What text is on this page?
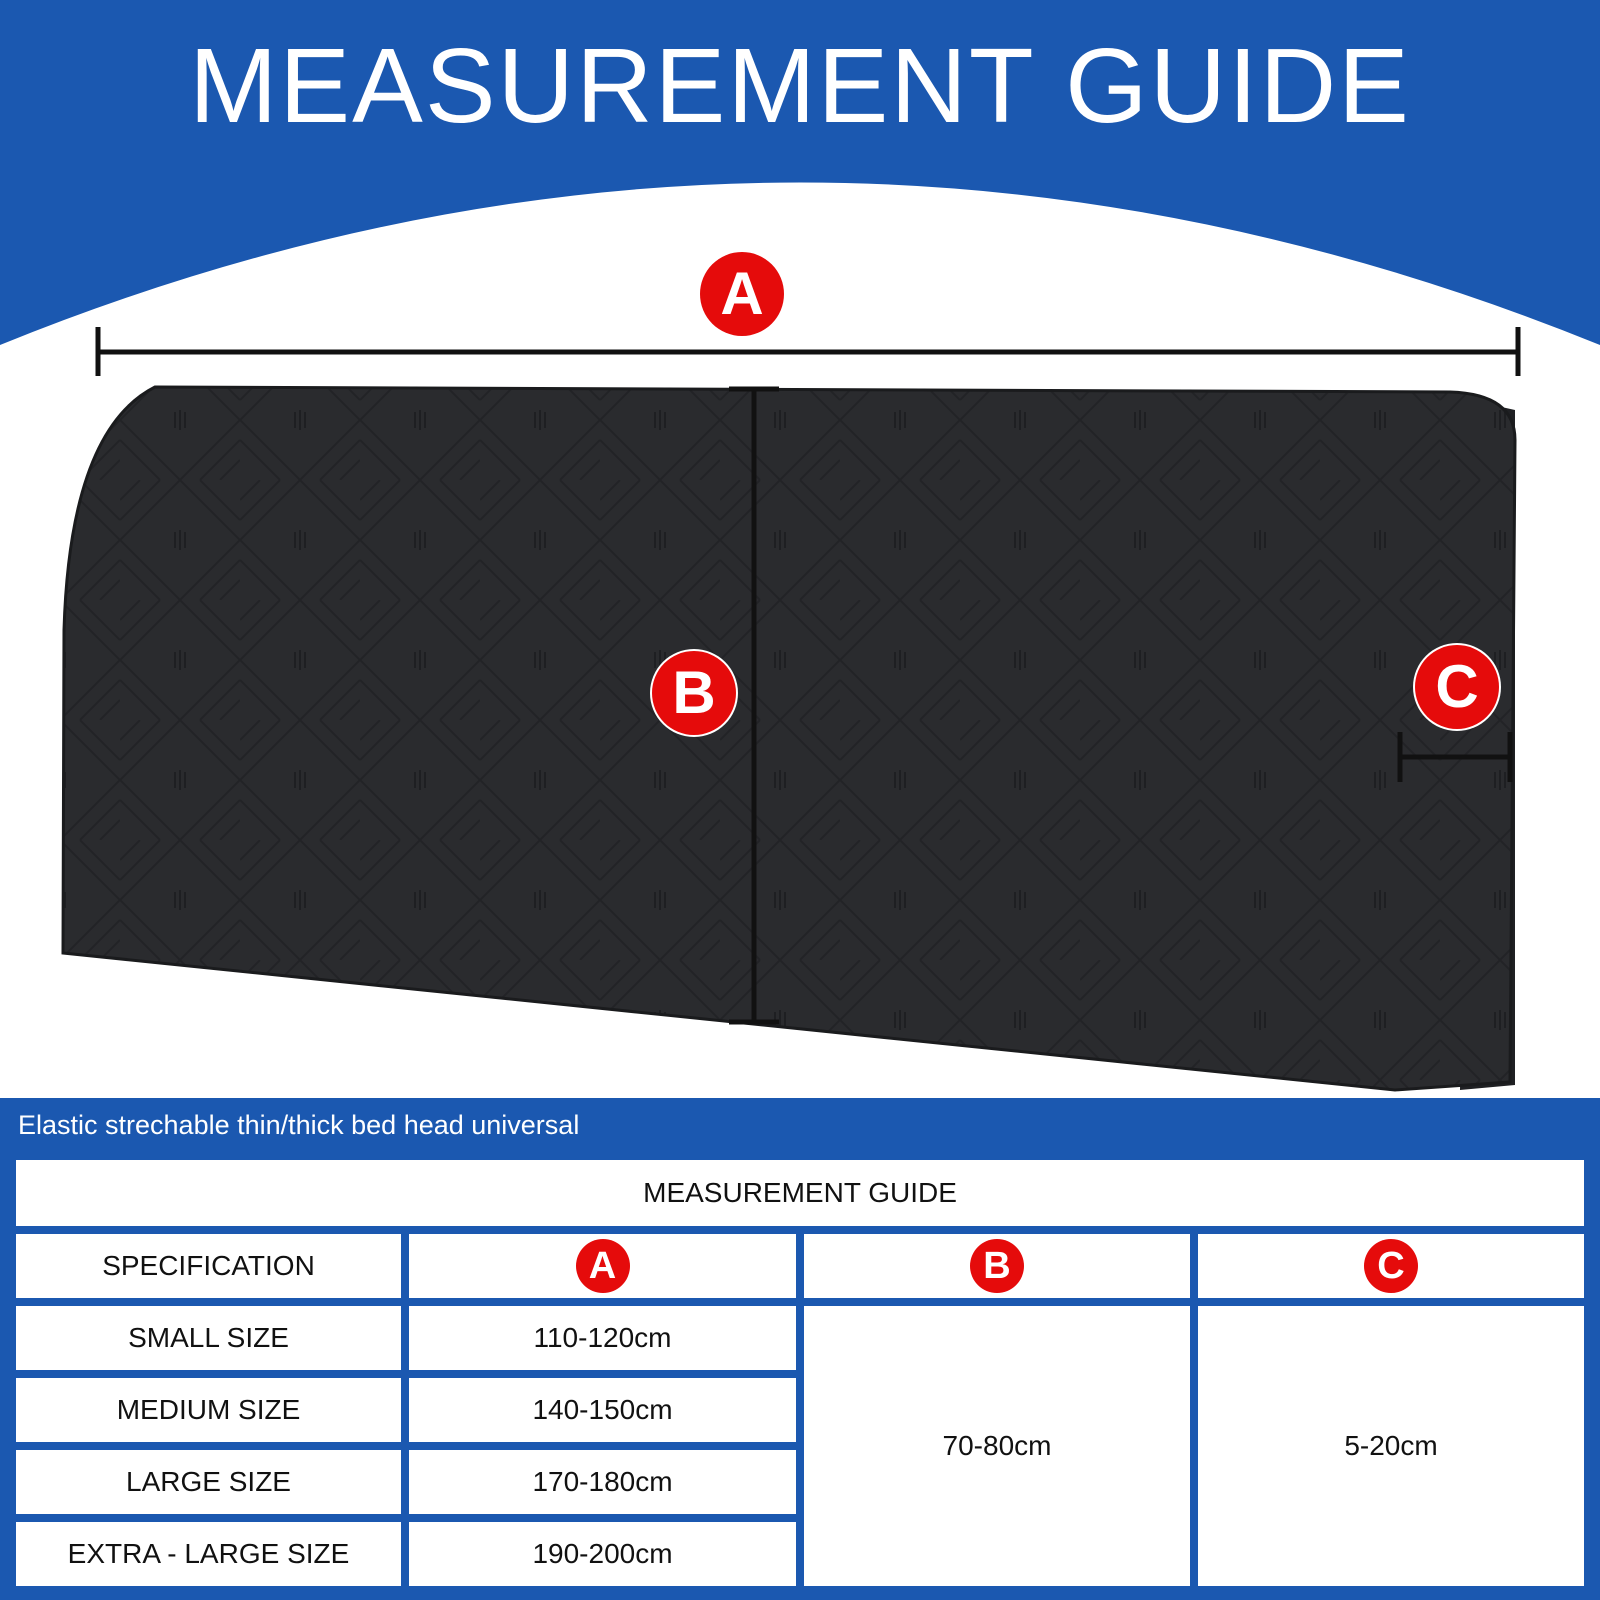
MEASUREMENT GUIDE
A
B	C
Elastic strechable thin/thick bed head universal
MEASUREMENT GUIDE
SPECIFICATION	A	B	C
SMALL SIZE	110-120cm
MEDIUM SIZE	140-150cm
LARGE SIZE	170-180cm
EXTRA - LARGE SIZE	190-200cm
70-80cm	5-20cm
